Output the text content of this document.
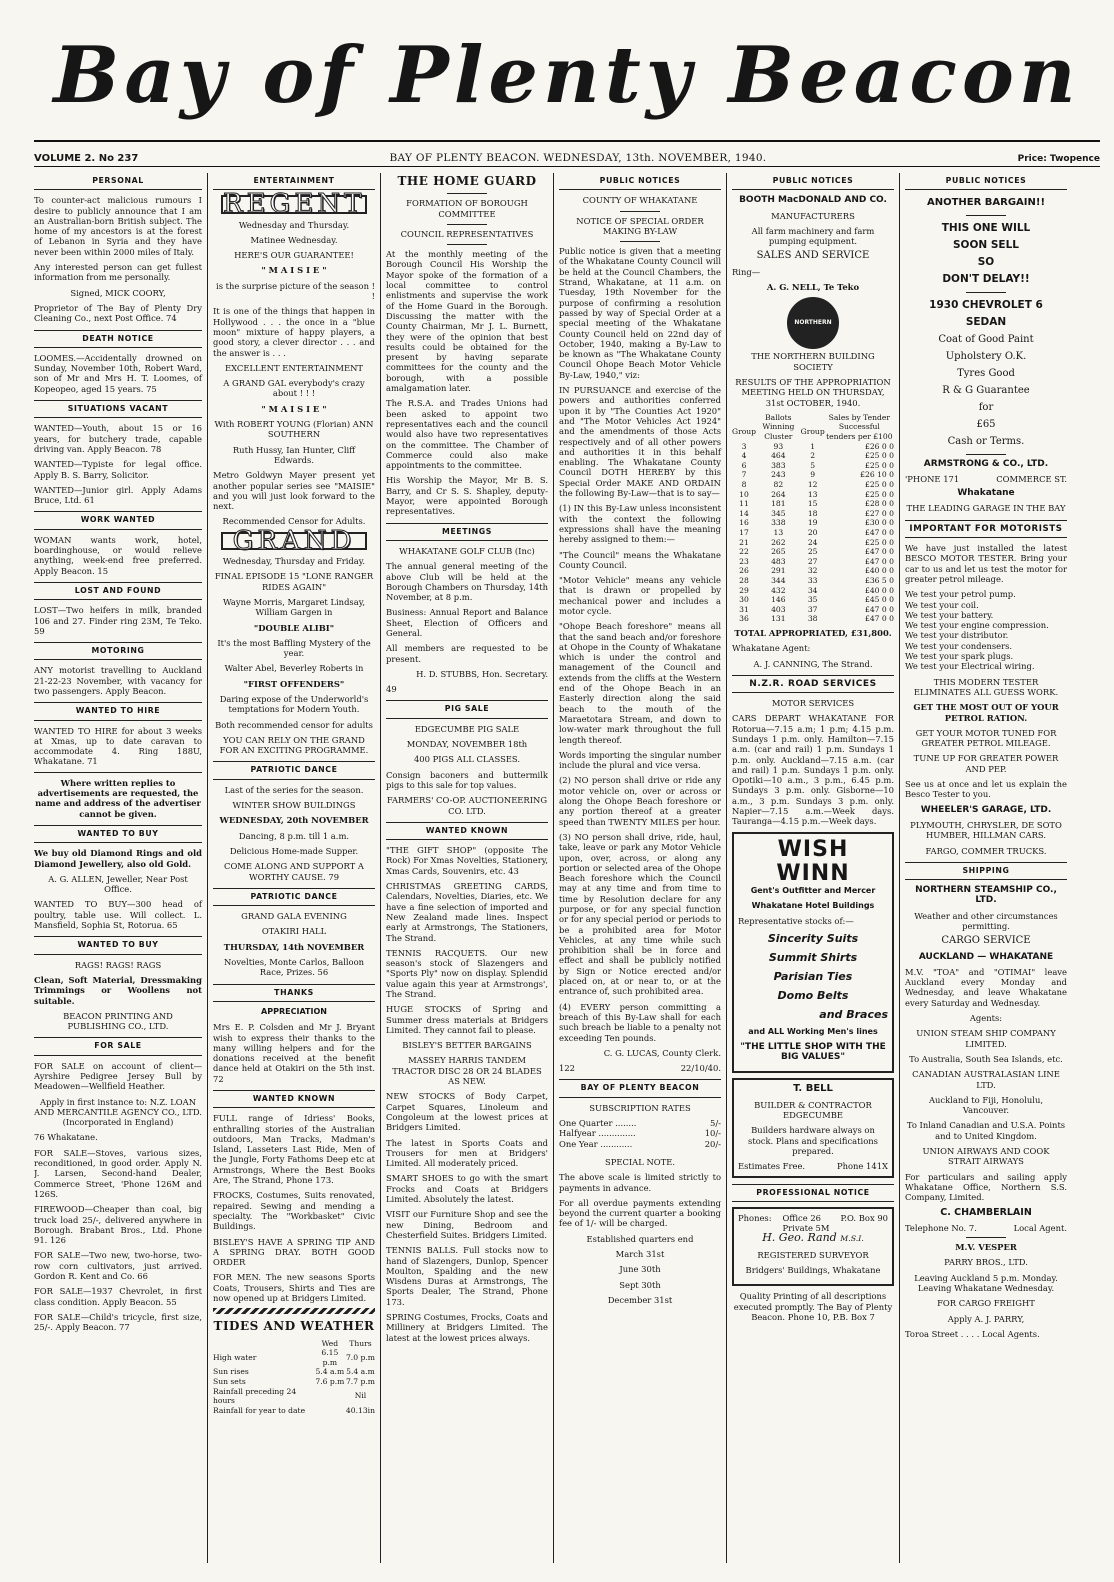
Bay of Plenty Beacon
VOLUME 2. No 237	BAY OF PLENTY BEACON. WEDNESDAY, 13th. NOVEMBER, 1940.	Price: Twopence
PERSONAL

To counter-act malicious rumours I desire to publicly announce that I am an Australian-born British subject. The home of my ancestors is at the forest of Lebanon in Syria and they have never been within 2000 miles of Italy.

Any interested person can get fullest information from me personally.

Signed, MICK COORY,

Proprietor of The Bay of Plenty Dry Cleaning Co., next Post Office. 74

DEATH NOTICE

LOOMES.—Accidentally drowned on Sunday, November 10th, Robert Ward, son of Mr and Mrs H. T. Loomes, of Kopeopeo, aged 15 years. 75

SITUATIONS VACANT

WANTED—Youth, about 15 or 16 years, for butchery trade, capable driving van. Apply Beacon. 78

WANTED—Typiste for legal office. Apply B. S. Barry, Solicitor.

WANTED—Junior girl. Apply Adams Bruce, Ltd. 61

WORK WANTED

WOMAN wants work, hotel, boardinghouse, or would relieve anything, week-end free preferred. Apply Beacon. 15

LOST AND FOUND

LOST—Two heifers in milk, branded 106 and 27. Finder ring 23M, Te Teko. 59

MOTORING

ANY motorist travelling to Auckland 21-22-23 November, with vacancy for two passengers. Apply Beacon.

WANTED TO HIRE

WANTED TO HIRE for about 3 weeks at Xmas, up to date caravan to accommodate 4. Ring 188U, Whakatane. 71

Where written replies to advertisements are requested, the name and address of the advertiser cannot be given.

WANTED TO BUY

We buy old Diamond Rings and old Diamond Jewellery, also old Gold.

A. G. ALLEN, Jeweller, Near Post Office.

WANTED TO BUY—300 head of poultry, table use. Will collect. L. Mansfield, Sophia St, Rotorua. 65

WANTED TO BUY

RAGS! RAGS! RAGS

Clean, Soft Material, Dressmaking Trimmings or Woollens not suitable.

BEACON PRINTING AND PUBLISHING CO., LTD.

FOR SALE

FOR SALE on account of client—Ayrshire Pedigree Jersey Bull by Meadowen—Wellfield Heather.

Apply in first instance to: N.Z. LOAN AND MERCANTILE AGENCY CO., LTD. (Incorporated in England)

76 Whakatane.

FOR SALE—Stoves, various sizes, reconditioned, in good order. Apply N. J. Larsen, Second-hand Dealer, Commerce Street, 'Phone 126M and 126S.

FIREWOOD—Cheaper than coal, big truck load 25/-, delivered anywhere in Borough. Brabant Bros., Ltd. Phone 91. 126

FOR SALE—Two new, two-horse, two-row corn cultivators, just arrived. Gordon R. Kent and Co. 66

FOR SALE—1937 Chevrolet, in first class condition. Apply Beacon. 55

FOR SALE—Child's tricycle, first size, 25/-. Apply Beacon. 77

ENTERTAINMENT
REGENT

Wednesday and Thursday.

Matinee Wednesday.

HERE'S OUR GUARANTEE!

" M A I S I E "

is the surprise picture of the season ! !

It is one of the things that happen in Hollywood . . . the once in a "blue moon" mixture of happy players, a good story, a clever director . . . and the answer is . . .

EXCELLENT ENTERTAINMENT

A GRAND GAL everybody's crazy about ! ! !

" M A I S I E "

With ROBERT YOUNG (Florian) ANN SOUTHERN

Ruth Hussy, Ian Hunter, Cliff Edwards.

Metro Goldwyn Mayer present yet another popular series see "MAISIE" and you will just look forward to the next.

Recommended Censor for Adults.

GRAND

Wednesday, Thursday and Friday.

FINAL EPISODE 15 "LONE RANGER RIDES AGAIN"

Wayne Morris, Margaret Lindsay, William Gargen in

"DOUBLE ALIBI"

It's the most Baffling Mystery of the year.

Walter Abel, Beverley Roberts in

"FIRST OFFENDERS"

Daring expose of the Underworld's temptations for Modern Youth.

Both recommended censor for adults

YOU CAN RELY ON THE GRAND FOR AN EXCITING PROGRAMME.

PATRIOTIC DANCE

Last of the series for the season.

WINTER SHOW BUILDINGS

WEDNESDAY, 20th NOVEMBER

Dancing, 8 p.m. till 1 a.m.

Delicious Home-made Supper.

COME ALONG AND SUPPORT A WORTHY CAUSE. 79

PATRIOTIC DANCE

GRAND GALA EVENING

OTAKIRI HALL

THURSDAY, 14th NOVEMBER

Novelties, Monte Carlos, Balloon Race, Prizes. 56

THANKS

APPRECIATION

Mrs E. P. Colsden and Mr J. Bryant wish to express their thanks to the many willing helpers and for the donations received at the benefit dance held at Otakiri on the 5th inst. 72

WANTED KNOWN

FULL range of Idriess' Books, enthralling stories of the Australian outdoors, Man Tracks, Madman's Island, Lasseters Last Ride, Men of the Jungle, Forty Fathoms Deep etc at Armstrongs, Where the Best Books Are, The Strand, Phone 173.

FROCKS, Costumes, Suits renovated, repaired. Sewing and mending a specialty. The "Workbasket" Civic Buildings.

BISLEY'S HAVE A SPRING TIP AND A SPRING DRAY. BOTH GOOD ORDER

FOR MEN. The new seasons Sports Coats, Trousers, Shirts and Ties are now opened up at Bridgers Limited.

TIDES AND WEATHER
	Wed	Thurs
High water	6.15 p.m	7.0 p.m
Sun rises	5.4 a.m	5.4 a.m
Sun sets	7.6 p.m	7.7 p.m
Rainfall preceding 24 hours		Nil
Rainfall for year to date		40.13in
THE HOME GUARD

FORMATION OF BOROUGH COMMITTEE

COUNCIL REPRESENTATIVES

At the monthly meeting of the Borough Council His Worship the Mayor spoke of the formation of a local committee to control enlistments and supervise the work of the Home Guard in the Borough. Discussing the matter with the County Chairman, Mr J. L. Burnett, they were of the opinion that best results could be obtained for the present by having separate committees for the county and the borough, with a possible amalgamation later.

The R.S.A. and Trades Unions had been asked to appoint two representatives each and the council would also have two representatives on the committee. The Chamber of Commerce could also make appointments to the committee.

His Worship the Mayor, Mr B. S. Barry, and Cr S. S. Shapley, deputy-Mayor, were appointed Borough representatives.

MEETINGS

WHAKATANE GOLF CLUB (Inc)

The annual general meeting of the above Club will be held at the Borough Chambers on Thursday, 14th November, at 8 p.m.

Business: Annual Report and Balance Sheet, Election of Officers and General.

All members are requested to be present.

H. D. STUBBS, Hon. Secretary.

49

PIG SALE

EDGECUMBE PIG SALE

MONDAY, NOVEMBER 18th

400 PIGS ALL CLASSES.

Consign baconers and buttermilk pigs to this sale for top values.

FARMERS' CO-OP. AUCTIONEERING CO. LTD.

WANTED KNOWN

"THE GIFT SHOP" (opposite The Rock) For Xmas Novelties, Stationery, Xmas Cards, Souvenirs, etc. 43

CHRISTMAS GREETING CARDS, Calendars, Novelties, Diaries, etc. We have a fine selection of imported and New Zealand made lines. Inspect early at Armstrongs, The Stationers, The Strand.

TENNIS RACQUETS. Our new season's stock of Slazengers and "Sports Ply" now on display. Splendid value again this year at Armstrongs', The Strand.

HUGE STOCKS of Spring and Summer dress materials at Bridgers Limited. They cannot fail to please.

BISLEY'S BETTER BARGAINS

MASSEY HARRIS TANDEM TRACTOR DISC 28 OR 24 BLADES AS NEW.

NEW STOCKS of Body Carpet, Carpet Squares, Linoleum and Congoleum at the lowest prices at Bridgers Limited.

The latest in Sports Coats and Trousers for men at Bridgers' Limited. All moderately priced.

SMART SHOES to go with the smart Frocks and Coats at Bridgers Limited. Absolutely the latest.

VISIT our Furniture Shop and see the new Dining, Bedroom and Chesterfield Suites. Bridgers Limited.

TENNIS BALLS. Full stocks now to hand of Slazengers, Dunlop, Spencer Moulton, Spalding and the new Wisdens Duras at Armstrongs, The Sports Dealer, The Strand, Phone 173.

SPRING Costumes, Frocks, Coats and Millinery at Bridgers Limited. The latest at the lowest prices always.

PUBLIC NOTICES

COUNTY OF WHAKATANE

NOTICE OF SPECIAL ORDER MAKING BY-LAW

Public notice is given that a meeting of the Whakatane County Council will be held at the Council Chambers, the Strand, Whakatane, at 11 a.m. on Tuesday, 19th November for the purpose of confirming a resolution passed by way of Special Order at a special meeting of the Whakatane County Council held on 22nd day of October, 1940, making a By-Law to be known as "The Whakatane County Council Ohope Beach Motor Vehicle By-Law, 1940," viz:

IN PURSUANCE and exercise of the powers and authorities conferred upon it by "The Counties Act 1920" and "The Motor Vehicles Act 1924" and the amendments of those Acts respectively and of all other powers and authorities it in this behalf enabling. The Whakatane County Council DOTH HEREBY by this Special Order MAKE AND ORDAIN the following By-Law—that is to say—

(1) IN this By-Law unless inconsistent with the context the following expressions shall have the meaning hereby assigned to them:—

"The Council" means the Whakatane County Council.

"Motor Vehicle" means any vehicle that is drawn or propelled by mechanical power and includes a motor cycle.

"Ohope Beach foreshore" means all that the sand beach and/or foreshore at Ohope in the County of Whakatane which is under the control and management of the Council and extends from the cliffs at the Western end of the Ohope Beach in an Easterly direction along the said beach to the mouth of the Maraetotara Stream, and down to low-water mark throughout the full length thereof.

Words importing the singular number include the plural and vice versa.

(2) NO person shall drive or ride any motor vehicle on, over or across or along the Ohope Beach foreshore or any portion thereof at a greater speed than TWENTY MILES per hour.

(3) NO person shall drive, ride, haul, take, leave or park any Motor Vehicle upon, over, across, or along any portion or selected area of the Ohope Beach foreshore which the Council may at any time and from time to time by Resolution declare for any purpose, or for any special function or for any special period or periods to be a prohibited area for Motor Vehicles, at any time while such prohibition shall be in force and effect and shall be publicly notified by Sign or Notice erected and/or placed on, at or near to, or at the entrance of, such prohibited area.

(4) EVERY person committing a breach of this By-Law shall for each such breach be liable to a penalty not exceeding Ten pounds.

C. G. LUCAS, County Clerk.

122	22/10/40.
BAY OF PLENTY BEACON

SUBSCRIPTION RATES

One Quarter ........	5/-
Halfyear ..............	10/-
One Year ............	20/-

SPECIAL NOTE.

The above scale is limited strictly to payments in advance.

For all overdue payments extending beyond the current quarter a booking fee of 1/- will be charged.

Established quarters end

March 31st

June 30th

Sept 30th

December 31st

PUBLIC NOTICES

BOOTH MacDONALD AND CO.

MANUFACTURERS

All farm machinery and farm pumping equipment.

SALES AND SERVICE

Ring—

A. G. NELL, Te Teko

NORTHERN

THE NORTHERN BUILDING SOCIETY

RESULTS OF THE APPROPRIATION MEETING HELD ON THURSDAY, 31st OCTOBER, 1940.

	Ballots		Sales by Tender
Group	Winning Cluster	Group	Successful tenders per £100
3	93	1	£26 0 0
4	464	2	£25 0 0
6	383	5	£25 0 0
7	243	9	£26 10 0
8	82	12	£25 0 0
10	264	13	£25 0 0
11	181	15	£28 0 0
14	345	18	£27 0 0
16	338	19	£30 0 0
17	13	20	£47 0 0
21	262	24	£25 0 0
22	265	25	£47 0 0
23	483	27	£47 0 0
26	291	32	£40 0 0
28	344	33	£36 5 0
29	432	34	£40 0 0
30	146	35	£45 0 0
31	403	37	£47 0 0
36	131	38	£47 0 0

TOTAL APPROPRIATED, £31,800.

Whakatane Agent:

A. J. CANNING, The Strand.

N.Z.R. ROAD SERVICES

MOTOR SERVICES

CARS DEPART WHAKATANE FOR Rotorua—7.15 a.m; 1 p.m; 4.15 p.m. Sundays 1 p.m. only. Hamilton—7.15 a.m. (car and rail) 1 p.m. Sundays 1 p.m. only. Auckland—7.15 a.m. (car and rail) 1 p.m. Sundays 1 p.m. only. Opotiki—10 a.m., 3 p.m., 6.45 p.m. Sundays 3 p.m. only. Gisborne—10 a.m., 3 p.m. Sundays 3 p.m. only. Napier—7.15 a.m.—Week days. Tauranga—4.15 p.m.—Week days.

WISH WINN

Gent's Outfitter and Mercer

Whakatane Hotel Buildings

Representative stocks of:—

Sincerity Suits

Summit Shirts

Parisian Ties

Domo Belts

and Braces

and ALL Working Men's lines

"THE LITTLE SHOP WITH THE BIG VALUES"

T. BELL

BUILDER & CONTRACTOR EDGECUMBE

Builders hardware always on stock. Plans and specifications prepared.

Estimates Free.	Phone 141X
PROFESSIONAL NOTICE
Phones: Office 26
Private 5M
P.O. Box 90

H. Geo. Rand M.S.I.

REGISTERED SURVEYOR

Bridgers' Buildings, Whakatane

Quality Printing of all descriptions executed promptly. The Bay of Plenty Beacon. Phone 10, P.B. Box 7

PUBLIC NOTICES
ANOTHER BARGAIN!!
THIS ONE WILL
SOON SELL
SO
DON'T DELAY!!
1930 CHEVROLET 6
SEDAN
Coat of Good Paint
Upholstery O.K.
Tyres Good
R & G Guarantee
for
£65
Cash or Terms.

ARMSTRONG & CO., LTD.

'PHONE 171	COMMERCE ST.

Whakatane

THE LEADING GARAGE IN THE BAY

IMPORTANT FOR MOTORISTS

We have just installed the latest BESCO MOTOR TESTER. Bring your car to us and let us test the motor for greater petrol mileage.

We test your petrol pump.
We test your coil.
We test your battery.
We test your engine compression.
We test your distributor.
We test your condensers.
We test your spark plugs.
We test your Electrical wiring.

THIS MODERN TESTER ELIMINATES ALL GUESS WORK.

GET THE MOST OUT OF YOUR PETROL RATION.

GET YOUR MOTOR TUNED FOR GREATER PETROL MILEAGE.

TUNE UP FOR GREATER POWER AND PEP.

See us at once and let us explain the Besco Tester to you.

WHEELER'S GARAGE, LTD.

PLYMOUTH, CHRYSLER, DE SOTO HUMBER, HILLMAN CARS.

FARGO, COMMER TRUCKS.

SHIPPING

NORTHERN STEAMSHIP CO., LTD.

Weather and other circumstances permitting.

CARGO SERVICE

AUCKLAND — WHAKATANE

M.V. "TOA" and "OTIMAI" leave Auckland every Monday and Wednesday, and leave Whakatane every Saturday and Wednesday.

Agents:

UNION STEAM SHIP COMPANY LIMITED.

To Australia, South Sea Islands, etc.

CANADIAN AUSTRALASIAN LINE LTD.

Auckland to Fiji, Honolulu, Vancouver.

To Inland Canadian and U.S.A. Points and to United Kingdom.

UNION AIRWAYS AND COOK STRAIT AIRWAYS

For particulars and sailing apply Whakatane Office, Northern S.S. Company, Limited.

C. CHAMBERLAIN

Telephone No. 7.	Local Agent.

M.V. VESPER

PARRY BROS., LTD.

Leaving Auckland 5 p.m. Monday. Leaving Whakatane Wednesday.

FOR CARGO FREIGHT

Apply A. J. PARRY,

Toroa Street . . . . Local Agents.
